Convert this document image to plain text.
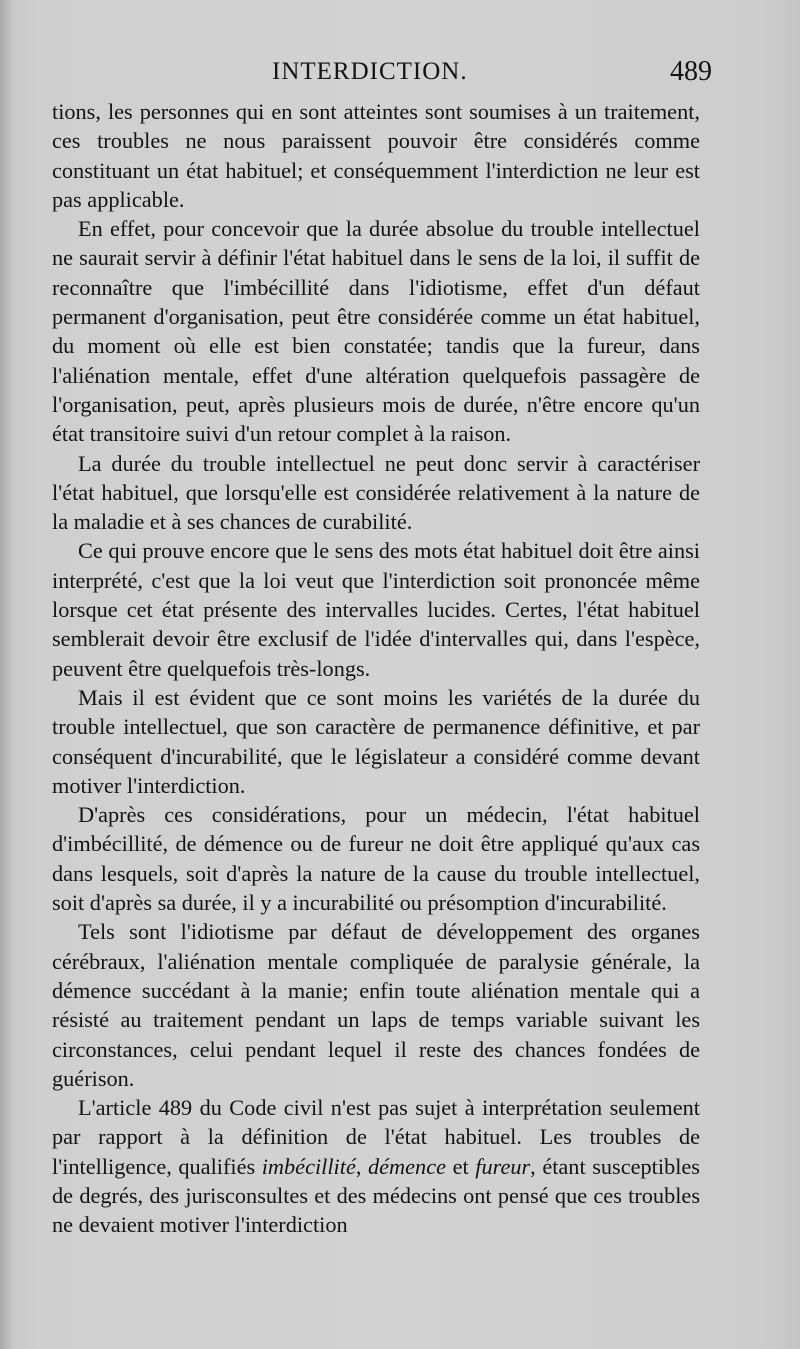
INTERDICTION.	489

tions, les personnes qui en sont atteintes sont soumises à un traitement, ces troubles ne nous paraissent pouvoir être considérés comme constituant un état habituel; et conséquemment l'interdiction ne leur est pas applicable.

En effet, pour concevoir que la durée absolue du trouble intellectuel ne saurait servir à définir l'état habituel dans le sens de la loi, il suffit de reconnaître que l'imbécillité dans l'idiotisme, effet d'un défaut permanent d'organisation, peut être considérée comme un état habituel, du moment où elle est bien constatée; tandis que la fureur, dans l'aliénation mentale, effet d'une altération quelquefois passagère de l'organisation, peut, après plusieurs mois de durée, n'être encore qu'un état transitoire suivi d'un retour complet à la raison.

La durée du trouble intellectuel ne peut donc servir à caractériser l'état habituel, que lorsqu'elle est considérée relativement à la nature de la maladie et à ses chances de curabilité.

Ce qui prouve encore que le sens des mots état habituel doit être ainsi interprété, c'est que la loi veut que l'interdiction soit prononcée même lorsque cet état présente des intervalles lucides. Certes, l'état habituel semblerait devoir être exclusif de l'idée d'intervalles qui, dans l'espèce, peuvent être quelquefois très-longs.

Mais il est évident que ce sont moins les variétés de la durée du trouble intellectuel, que son caractère de permanence définitive, et par conséquent d'incurabilité, que le législateur a considéré comme devant motiver l'interdiction.

D'après ces considérations, pour un médecin, l'état habituel d'imbécillité, de démence ou de fureur ne doit être appliqué qu'aux cas dans lesquels, soit d'après la nature de la cause du trouble intellectuel, soit d'après sa durée, il y a incurabilité ou présomption d'incurabilité.

Tels sont l'idiotisme par défaut de développement des organes cérébraux, l'aliénation mentale compliquée de paralysie générale, la démence succédant à la manie; enfin toute aliénation mentale qui a résisté au traitement pendant un laps de temps variable suivant les circonstances, celui pendant lequel il reste des chances fondées de guérison.

L'article 489 du Code civil n'est pas sujet à interprétation seulement par rapport à la définition de l'état habituel. Les troubles de l'intelligence, qualifiés imbécillité, démence et fureur, étant susceptibles de degrés, des jurisconsultes et des médecins ont pensé que ces troubles ne devaient motiver l'interdiction
